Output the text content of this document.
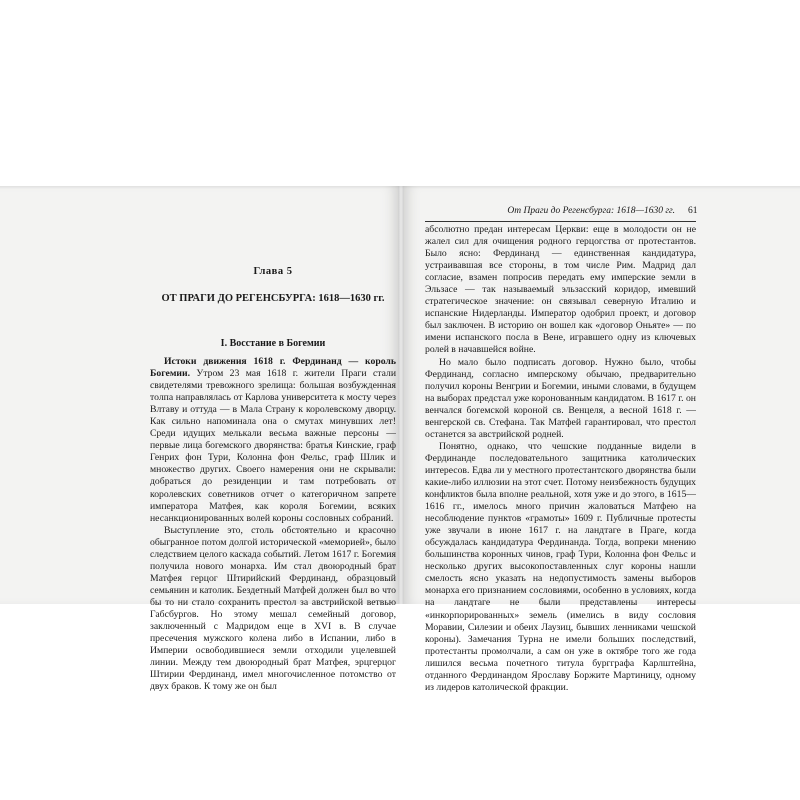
Глава 5
ОТ ПРАГИ ДО РЕГЕНСБУРГА: 1618—1630 гг.
I. Восстание в Богемии

Истоки движения 1618 г. Фердинанд — король Богемии. Утром 23 мая 1618 г. жители Праги стали свидетелями тревожного зрелища: большая возбужденная толпа направлялась от Карлова университета к мосту через Влтаву и оттуда — в Мала Страну к королевскому дворцу. Как сильно напоминала она о смутах минувших лет! Среди идущих мелькали весьма важные персоны — первые лица богемского дворянства: братья Кинские, граф Генрих фон Тури, Колонна фон Фельс, граф Шлик и множество других. Своего намерения они не скрывали: добраться до резиденции и там потребовать от королевских советников отчет о категоричном запрете императора Матфея, как короля Богемии, всяких несанкционированных волей короны сословных собраний.

Выступление это, столь обстоятельно и красочно обыгранное потом долгой исторической «меморией», было следствием целого каскада событий. Летом 1617 г. Богемия получила нового монарха. Им стал двоюродный брат Матфея герцог Штирийский Фердинанд, образцовый семьянин и католик. Бездетный Матфей должен был во что бы то ни стало сохранить престол за австрийской ветвью Габсбургов. Но этому мешал семейный договор, заключенный с Мадридом еще в XVI в. В случае пресечения мужского колена либо в Испании, либо в Империи освободившиеся земли отходили уцелевшей линии. Между тем двоюродный брат Матфея, эрцгерцог Штирии Фердинанд, имел многочисленное потомство от двух браков. К тому же он был

От Праги до Регенсбурга: 1618—1630 гг. 61

абсолютно предан интересам Церкви: еще в молодости он не жалел сил для очищения родного герцогства от протестантов. Было ясно: Фердинанд — единственная кандидатура, устраивавшая все стороны, в том числе Рим. Мадрид дал согласие, взамен попросив передать ему имперские земли в Эльзасе — так называемый эльзасский коридор, имевший стратегическое значение: он связывал северную Италию и испанские Нидерланды. Император одобрил проект, и договор был заключен. В историю он вошел как «договор Оньяте» — по имени испанского посла в Вене, игравшего одну из ключевых ролей в начавшейся войне.

Но мало было подписать договор. Нужно было, чтобы Фердинанд, согласно имперскому обычаю, предварительно получил короны Венгрии и Богемии, иными словами, в будущем на выборах предстал уже коронованным кандидатом. В 1617 г. он венчался богемской короной св. Венцеля, а весной 1618 г. — венгерской св. Стефана. Так Матфей гарантировал, что престол останется за австрийской родней.

Понятно, однако, что чешские подданные видели в Фердинанде последовательного защитника католических интересов. Едва ли у местного протестантского дворянства были какие-либо иллюзии на этот счет. Потому неизбежность будущих конфликтов была вполне реальной, хотя уже и до этого, в 1615—1616 гг., имелось много причин жаловаться Матфею на несоблюдение пунктов «грамоты» 1609 г. Публичные протесты уже звучали в июне 1617 г. на ландтаге в Праге, когда обсуждалась кандидатура Фердинанда. Тогда, вопреки мнению большинства коронных чинов, граф Тури, Колонна фон Фельс и несколько других высокопоставленных слуг короны нашли смелость ясно указать на недопустимость замены выборов монарха его признанием сословиями, особенно в условиях, когда на ландтаге не были представлены интересы «инкорпорированных» земель (имелись в виду сословия Моравии, Силезии и обеих Лаузиц, бывших ленниками чешской короны). Замечания Турна не имели больших последствий, протестанты промолчали, а сам он уже в октябре того же года лишился весьма почетного титула бургграфа Карлштейна, отданного Фердинандом Ярославу Боржите Мартиницу, одному из лидеров католической фракции.
